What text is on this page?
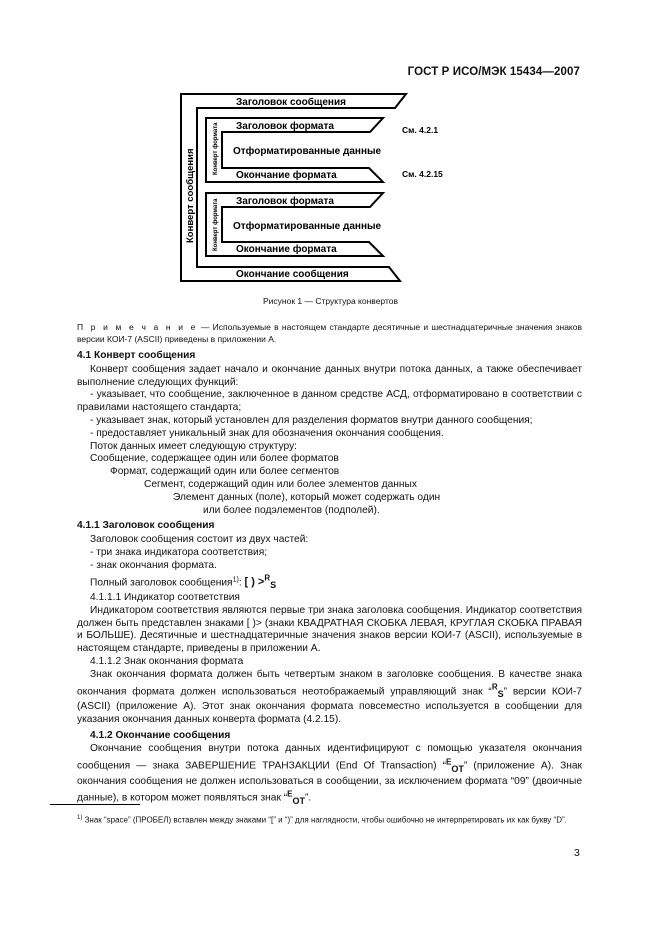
ГОСТ Р ИСО/МЭК 15434—2007
Заголовок сообщения
Заголовок формата
Отформатированные данные
Окончание формата
Заголовок формата
Отформатированные данные
Окончание формата
Окончание сообщения
Конверт сообщения	Конверт формата
Конверт формата
См. 4.2.1
См. 4.2.15
Рисунок 1 — Структура конвертов
П р и м е ч а н и е — Используемые в настоящем стандарте десятичные и шестнадцатеричные значения знаков версии КОИ-7 (ASCII) приведены в приложении А.

4.1 Конверт сообщения

Конверт сообщения задает начало и окончание данных внутри потока данных, а также обеспечивает выполнение следующих функций:

- указывает, что сообщение, заключенное в данном средстве АСД, отформатировано в соответствии с правилами настоящего стандарта;

- указывает знак, который установлен для разделения форматов внутри данного сообщения;

- предоставляет уникальный знак для обозначения окончания сообщения.

Поток данных имеет следующую структуру:

Сообщение, содержащее один или более форматов

Формат, содержащий один или более сегментов

Сегмент, содержащий один или более элементов данных

Элемент данных (поле), который может содержать один

или более подэлементов (подполей).

4.1.1 Заголовок сообщения

Заголовок сообщения состоит из двух частей:

- три знака индикатора соответствия;

- знак окончания формата.

Полный заголовок сообщения$^{1)}$: [ ) >$^R_S$

4.1.1.1 Индикатор соответствия

Индикатором соответствия являются первые три знака заголовка сообщения. Индикатор соответствия должен быть представлен знаками [ )> (знаки КВАДРАТНАЯ СКОБКА ЛЕВАЯ, КРУГЛАЯ СКОБКА ПРАВАЯ и БОЛЬШЕ). Десятичные и шестнадцатеричные значения знаков версии КОИ-7 (ASCII), используемые в настоящем стандарте, приведены в приложении А.

4.1.1.2 Знак окончания формата

Знак окончания формата должен быть четвертым знаком в заголовке сообщения. В качестве знака окончания формата должен использоваться неотображаемый управляющий знак “$^R_S$” версии КОИ-7 (ASCII) (приложение А). Этот знак окончания формата повсеместно используется в сообщении для указания окончания данных конверта формата (4.2.15).

4.1.2 Окончание сообщения

Окончание сообщения внутри потока данных идентифицируют с помощью указателя окончания сообщения — знака ЗАВЕРШЕНИЕ ТРАНЗАКЦИИ (End Of Transaction) “$^E_{OT}$” (приложение А). Знак окончания сообщения не должен использоваться в сообщении, за исключением формата “09” (двоичные данные), в котором может появляться знак “$^E_{OT}$”.

$^{1)}$ Знак “space” (ПРОБЕЛ) вставлен между знаками “[” и “)” для наглядности, чтобы ошибочно не интерпретировать их как букву “D”.
3
